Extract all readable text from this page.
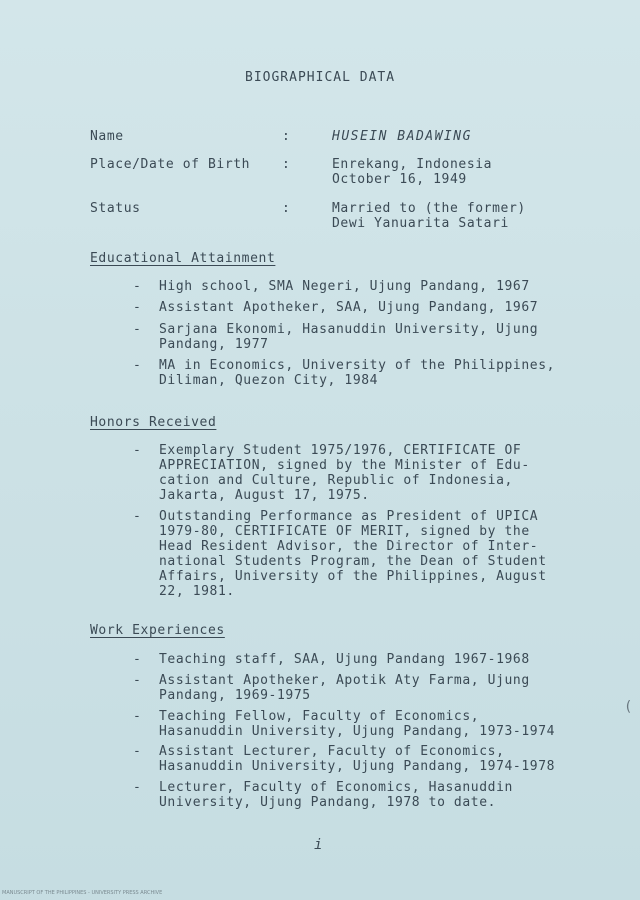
BIOGRAPHICAL DATA
Name	:	HUSEIN BADAWING
Place/Date of Birth :	Enrekang, Indonesia
October 16, 1949
Status	:	Married to (the former)
Dewi Yanuarita Satari
Educational Attainment
- High school, SMA Negeri, Ujung Pandang, 1967
- Assistant Apotheker, SAA, Ujung Pandang, 1967
- Sarjana Ekonomi, Hasanuddin University, Ujung
Pandang, 1977
- MA in Economics, University of the Philippines,
Diliman, Quezon City, 1984
Honors Received
- Exemplary Student 1975/1976, CERTIFICATE OF
APPRECIATION, signed by the Minister of Edu-
cation and Culture, Republic of Indonesia,
Jakarta, August 17, 1975.
- Outstanding Performance as President of UPICA
1979-80, CERTIFICATE OF MERIT, signed by the
Head Resident Advisor, the Director of Inter-
national Students Program, the Dean of Student
Affairs, University of the Philippines, August
22, 1981.
Work Experiences
- Teaching staff, SAA, Ujung Pandang 1967-1968
- Assistant Apotheker, Apotik Aty Farma, Ujung
Pandang, 1969-1975
- Teaching Fellow, Faculty of Economics,
Hasanuddin University, Ujung Pandang, 1973-1974
- Assistant Lecturer, Faculty of Economics,
Hasanuddin University, Ujung Pandang, 1974-1978
- Lecturer, Faculty of Economics, Hasanuddin
University, Ujung Pandang, 1978 to date.
i
(
MANUSCRIPT OF THE PHILIPPINES - UNIVERSITY PRESS ARCHIVE
